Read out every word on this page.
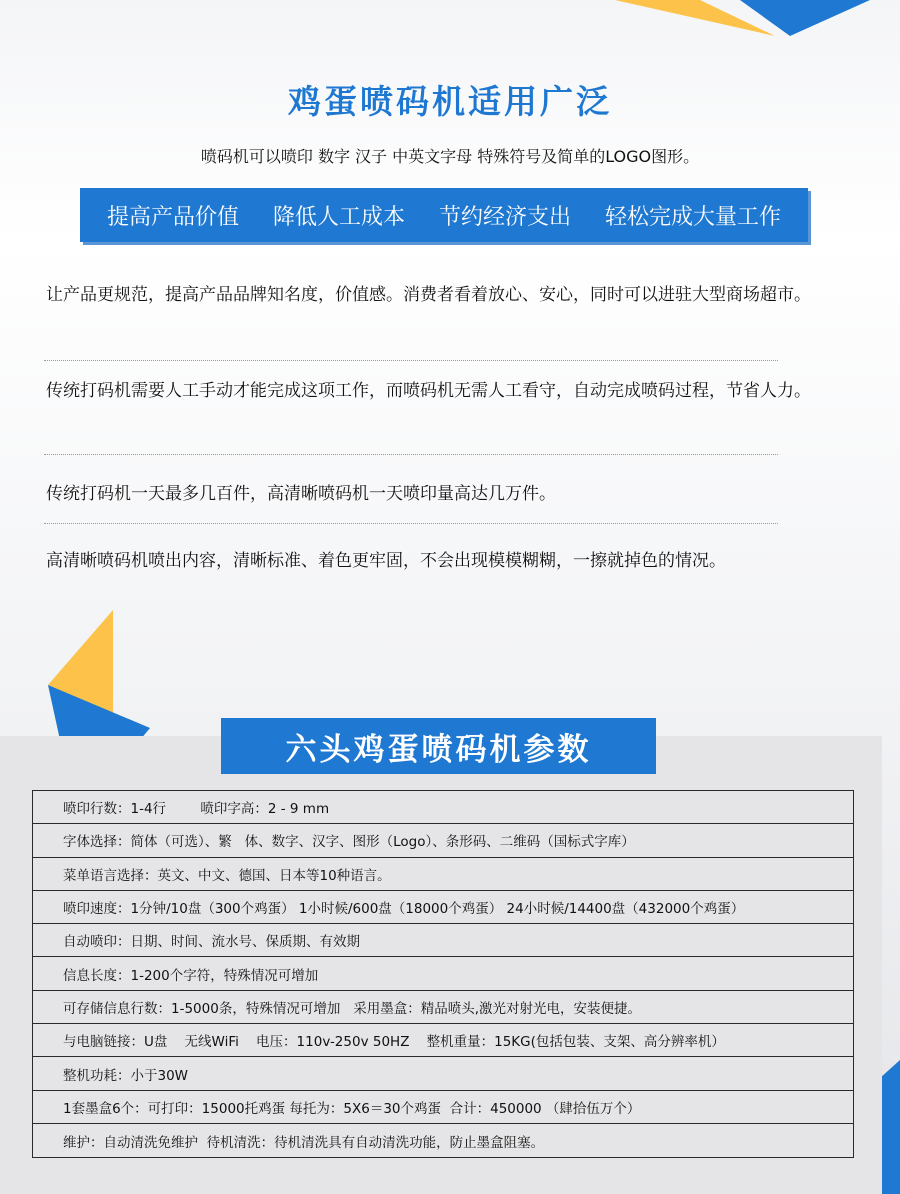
鸡蛋喷码机适用广泛
喷码机可以喷印 数字 汉子 中英文字母 特殊符号及简单的LOGO图形。
提高产品价值 降低人工成本 节约经济支出 轻松完成大量工作
让产品更规范，提高产品品牌知名度，价值感。消费者看着放心、安心，同时可以进驻大型商场超市。
传统打码机需要人工手动才能完成这项工作，而喷码机无需人工看守，自动完成喷码过程，节省人力。
传统打码机一天最多几百件，高清晰喷码机一天喷印量高达几万件。
高清晰喷码机喷出内容，清晰标准、着色更牢固，不会出现模模糊糊，一擦就掉色的情况。
六头鸡蛋喷码机参数
喷印行数：1-4行        喷印字高：2 - 9 mm
字体选择：简体（可选）、繁   体、数字、汉字、图形（Logo）、条形码、二维码（国标式字库）
菜单语言选择：英文、中文、德国、日本等10种语言。
喷印速度：1分钟/10盘（300个鸡蛋） 1小时候/600盘（18000个鸡蛋） 24小时候/14400盘（432000个鸡蛋）
自动喷印：日期、时间、流水号、保质期、有效期
信息长度：1-200个字符，特殊情况可增加
可存储信息行数：1-5000条，特殊情况可增加   采用墨盒：精品喷头,激光对射光电，安装便捷。
与电脑链接：U盘    无线WiFi    电压：110v-250v 50HZ    整机重量：15KG(包括包装、支架、高分辨率机）
整机功耗：小于30W
1套墨盒6个：可打印：15000托鸡蛋 每托为：5X6＝30个鸡蛋  合计：450000 （肆拾伍万个）
维护：自动清洗免维护  待机清洗：待机清洗具有自动清洗功能，防止墨盒阻塞。
